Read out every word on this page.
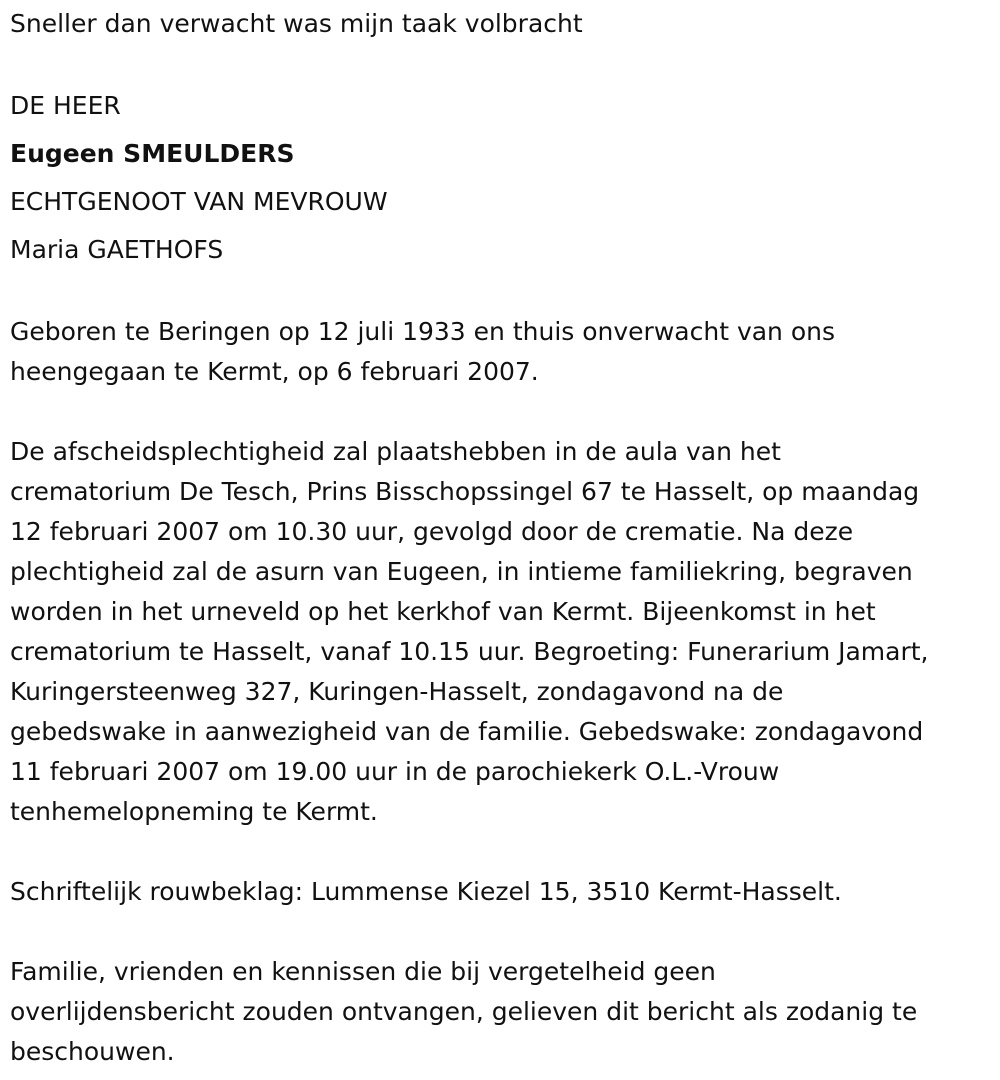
Sneller dan verwacht was mijn taak volbracht

DE HEER

Eugeen SMEULDERS

ECHTGENOOT VAN MEVROUW

Maria GAETHOFS

Geboren te Beringen op 12 juli 1933 en thuis onverwacht van ons
heengegaan te Kermt, op 6 februari 2007.

De afscheidsplechtigheid zal plaatshebben in de aula van het
crematorium De Tesch, Prins Bisschopssingel 67 te Hasselt, op maandag
12 februari 2007 om 10.30 uur, gevolgd door de crematie. Na deze
plechtigheid zal de asurn van Eugeen, in intieme familiekring, begraven
worden in het urneveld op het kerkhof van Kermt. Bijeenkomst in het
crematorium te Hasselt, vanaf 10.15 uur. Begroeting: Funerarium Jamart,
Kuringersteenweg 327, Kuringen-Hasselt, zondagavond na de
gebedswake in aanwezigheid van de familie. Gebedswake: zondagavond
11 februari 2007 om 19.00 uur in de parochiekerk O.L.-Vrouw
tenhemelopneming te Kermt.

Schriftelijk rouwbeklag: Lummense Kiezel 15, 3510 Kermt-Hasselt.

Familie, vrienden en kennissen die bij vergetelheid geen
overlijdensbericht zouden ontvangen, gelieven dit bericht als zodanig te
beschouwen.
